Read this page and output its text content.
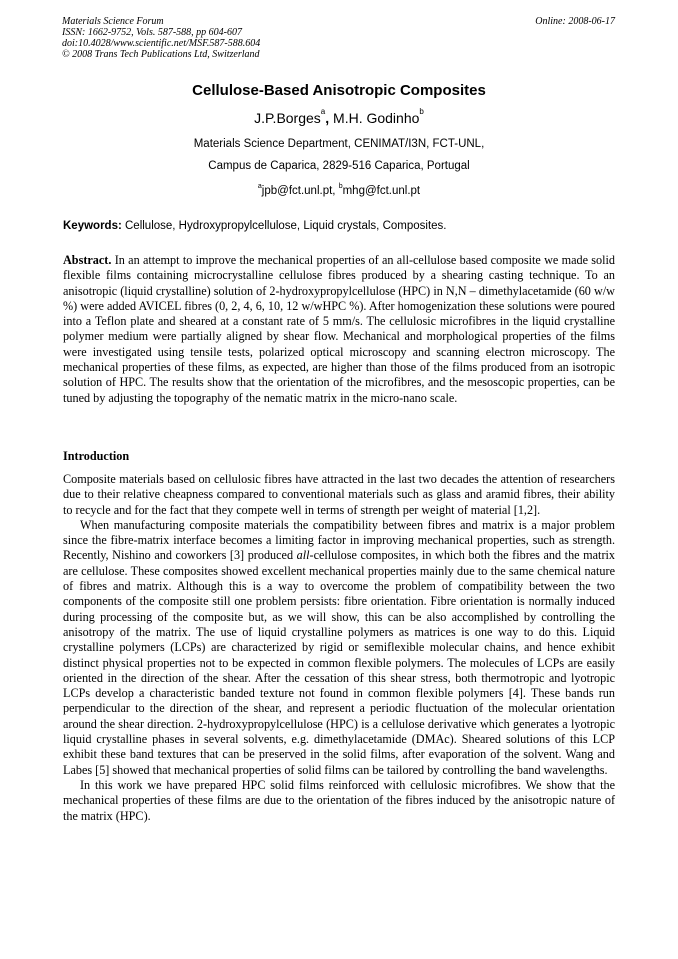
Materials Science Forum
ISSN: 1662-9752, Vols. 587-588, pp 604-607
doi:10.4028/www.scientific.net/MSF.587-588.604
© 2008 Trans Tech Publications Ltd, Switzerland
Online: 2008-06-17
Cellulose-Based Anisotropic Composites
J.P.Borges$^a$, M.H. Godinho$^b$
Materials Science Department, CENIMAT/I3N, FCT-UNL,
Campus de Caparica, 2829-516 Caparica, Portugal
$^a$jpb@fct.unl.pt, $^b$mhg@fct.unl.pt
Keywords: Cellulose, Hydroxypropylcellulose, Liquid crystals, Composites.

Abstract. In an attempt to improve the mechanical properties of an all-cellulose based composite we made solid flexible films containing microcrystalline cellulose fibres produced by a shearing casting technique. To an anisotropic (liquid crystalline) solution of 2-hydroxypropylcellulose (HPC) in N,N – dimethylacetamide (60 w/w %) were added AVICEL fibres (0, 2, 4, 6, 10, 12 w/wHPC %). After homogenization these solutions were poured into a Teflon plate and sheared at a constant rate of 5 mm/s. The cellulosic microfibres in the liquid crystalline polymer medium were partially aligned by shear flow. Mechanical and morphological properties of the films were investigated using tensile tests, polarized optical microscopy and scanning electron microscopy. The mechanical properties of these films, as expected, are higher than those of the films produced from an isotropic solution of HPC. The results show that the orientation of the microfibres, and the mesoscopic properties, can be tuned by adjusting the topography of the nematic matrix in the micro-nano scale.

Introduction

Composite materials based on cellulosic fibres have attracted in the last two decades the attention of researchers due to their relative cheapness compared to conventional materials such as glass and aramid fibres, their ability to recycle and for the fact that they compete well in terms of strength per weight of material [1,2].

When manufacturing composite materials the compatibility between fibres and matrix is a major problem since the fibre-matrix interface becomes a limiting factor in improving mechanical properties, such as strength. Recently, Nishino and coworkers [3] produced all-cellulose composites, in which both the fibres and the matrix are cellulose. These composites showed excellent mechanical properties mainly due to the same chemical nature of fibres and matrix. Although this is a way to overcome the problem of compatibility between the two components of the composite still one problem persists: fibre orientation. Fibre orientation is normally induced during processing of the composite but, as we will show, this can be also accomplished by controlling the anisotropy of the matrix. The use of liquid crystalline polymers as matrices is one way to do this. Liquid crystalline polymers (LCPs) are characterized by rigid or semiflexible molecular chains, and hence exhibit distinct physical properties not to be expected in common flexible polymers. The molecules of LCPs are easily oriented in the direction of the shear. After the cessation of this shear stress, both thermotropic and lyotropic LCPs develop a characteristic banded texture not found in common flexible polymers [4]. These bands run perpendicular to the direction of the shear, and represent a periodic fluctuation of the molecular orientation around the shear direction. 2-hydroxypropylcellulose (HPC) is a cellulose derivative which generates a lyotropic liquid crystalline phases in several solvents, e.g. dimethylacetamide (DMAc). Sheared solutions of this LCP exhibit these band textures that can be preserved in the solid films, after evaporation of the solvent. Wang and Labes [5] showed that mechanical properties of solid films can be tailored by controlling the band wavelengths.

In this work we have prepared HPC solid films reinforced with cellulosic microfibres. We show that the mechanical properties of these films are due to the orientation of the fibres induced by the anisotropic nature of the matrix (HPC).
